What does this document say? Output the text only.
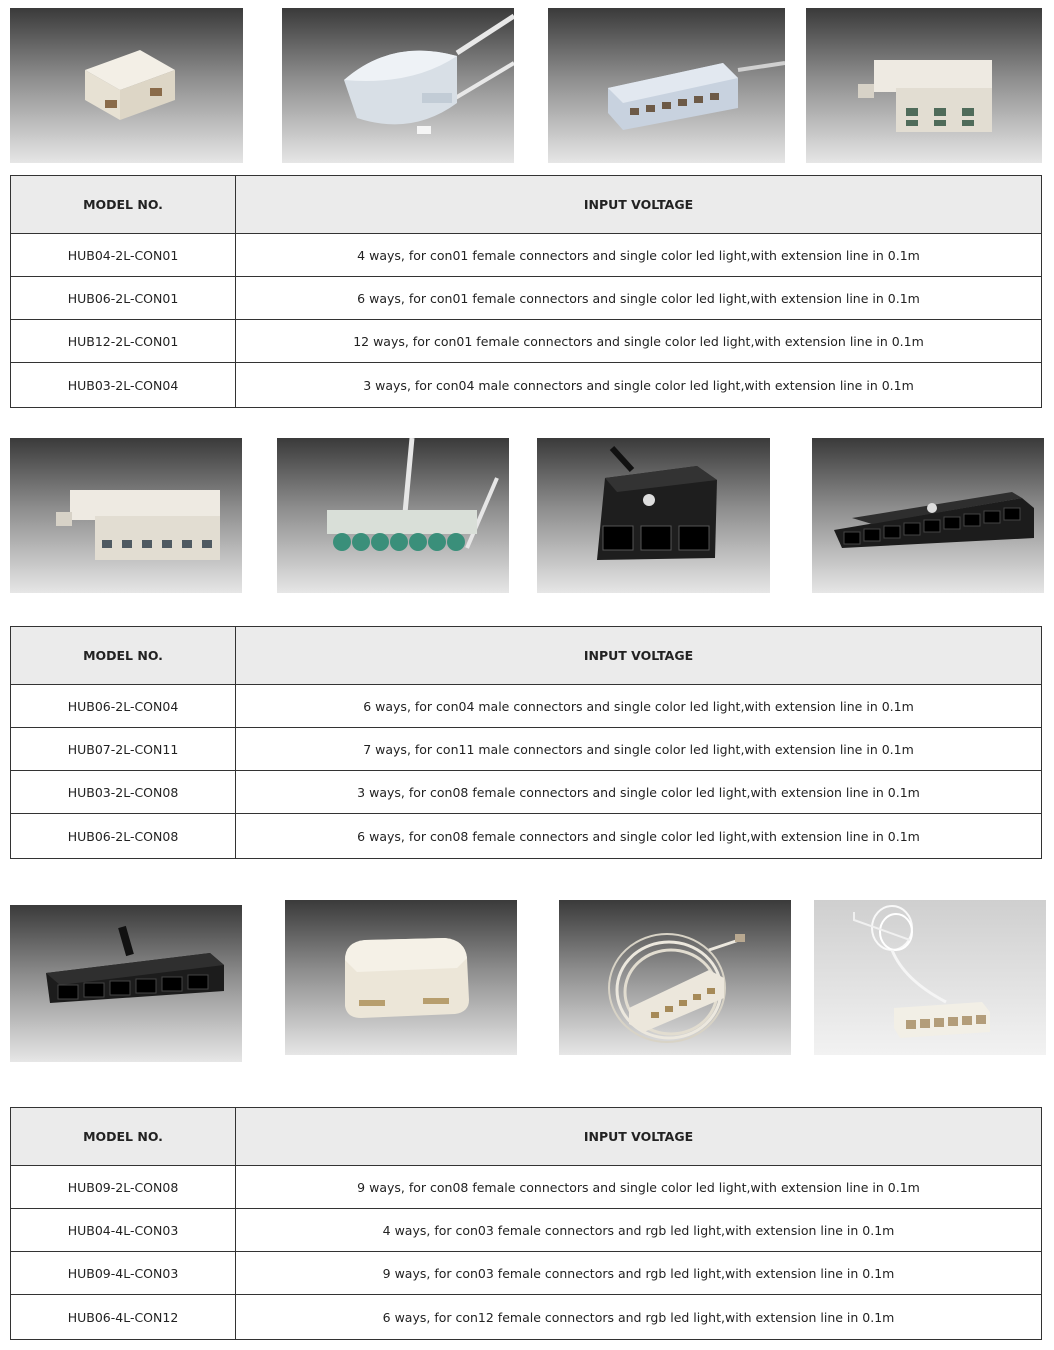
MODEL NO.	INPUT VOLTAGE
HUB04-2L-CON01	4 ways, for con01 female connectors and single color led light,with extension line in 0.1m
HUB06-2L-CON01	6 ways, for con01 female connectors and single color led light,with extension line in 0.1m
HUB12-2L-CON01	12 ways, for con01 female connectors and single color led light,with extension line in 0.1m
HUB03-2L-CON04	3 ways, for con04 male connectors and single color led light,with extension line in 0.1m
MODEL NO.	INPUT VOLTAGE
HUB06-2L-CON04	6 ways, for con04 male connectors and single color led light,with extension line in 0.1m
HUB07-2L-CON11	7 ways, for con11 male connectors and single color led light,with extension line in 0.1m
HUB03-2L-CON08	3 ways, for con08 female connectors and single color led light,with extension line in 0.1m
HUB06-2L-CON08	6 ways, for con08 female connectors and single color led light,with extension line in 0.1m
MODEL NO.	INPUT VOLTAGE
HUB09-2L-CON08	9 ways, for con08 female connectors and single color led light,with extension line in 0.1m
HUB04-4L-CON03	4 ways, for con03 female connectors and rgb led light,with extension line in 0.1m
HUB09-4L-CON03	9 ways, for con03 female connectors and rgb led light,with extension line in 0.1m
HUB06-4L-CON12	6 ways, for con12 female connectors and rgb led light,with extension line in 0.1m
